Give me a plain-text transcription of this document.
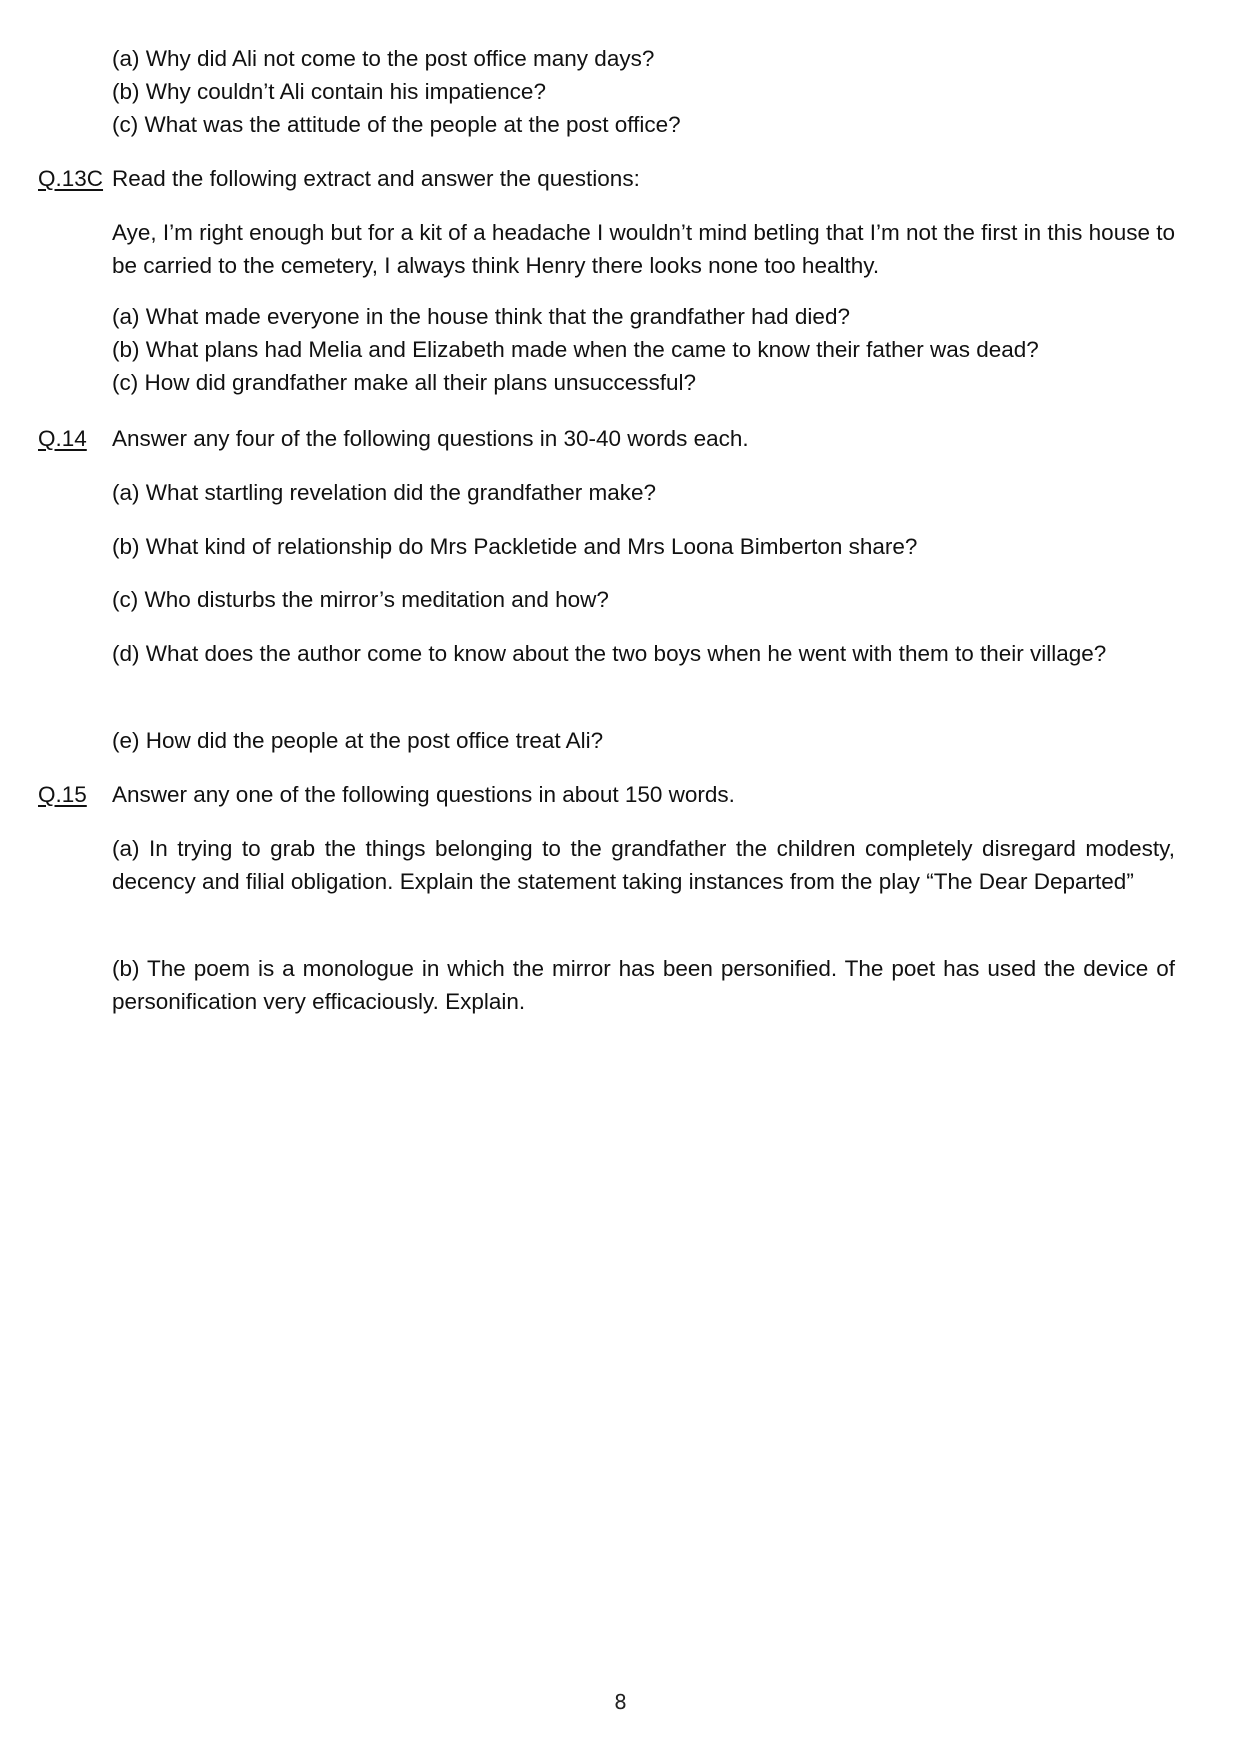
(a) Why did Ali not come to the post office many days?
(b) Why couldn’t Ali contain his impatience?
(c) What was the attitude of the people at the post office?
Q.13C Read the following extract and answer the questions:
Aye, I’m right enough but for a kit of a headache I wouldn’t mind betling that I’m not the first in this house to be carried to the cemetery, I always think Henry there looks none too healthy.
(a) What made everyone in the house think that the grandfather had died?
(b) What plans had Melia and Elizabeth made when the came to know their father was dead?
(c) How did grandfather make all their plans unsuccessful?
Q.14 Answer any four of the following questions in 30-40 words each.
(a) What startling revelation did the grandfather make?
(b) What kind of relationship do Mrs Packletide and Mrs Loona Bimberton share?
(c) Who disturbs the mirror’s meditation and how?
(d) What does the author come to know about the two boys when he went with them to their village?
(e) How did the people at the post office treat Ali?
Q.15 Answer any one of the following questions in about 150 words.
(a) In trying to grab the things belonging to the grandfather the children completely disregard modesty, decency and filial obligation. Explain the statement taking instances from the play “The Dear Departed”
(b) The poem is a monologue in which the mirror has been personified. The poet has used the device of personification very efficaciously. Explain.
8
